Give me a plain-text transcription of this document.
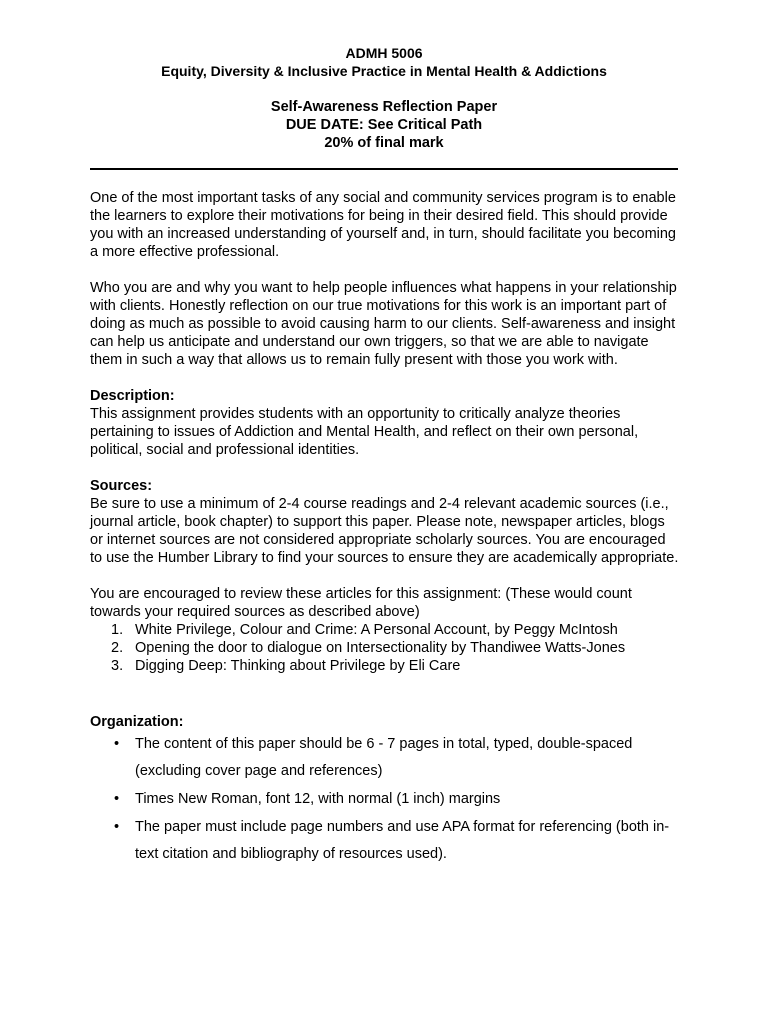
ADMH 5006
Equity, Diversity & Inclusive Practice in Mental Health & Addictions
Self-Awareness Reflection Paper
DUE DATE: See Critical Path
20% of final mark

One of the most important tasks of any social and community services program is to enable the learners to explore their motivations for being in their desired field. This should provide you with an increased understanding of yourself and, in turn, should facilitate you becoming a more effective professional.

Who you are and why you want to help people influences what happens in your relationship with clients. Honestly reflection on our true motivations for this work is an important part of doing as much as possible to avoid causing harm to our clients. Self-awareness and insight can help us anticipate and understand our own triggers, so that we are able to navigate them in such a way that allows us to remain fully present with those you work with.

Description:
This assignment provides students with an opportunity to critically analyze theories pertaining to issues of Addiction and Mental Health, and reflect on their own personal, political, social and professional identities.
Sources:
Be sure to use a minimum of 2-4 course readings and 2-4 relevant academic sources (i.e., journal article, book chapter) to support this paper. Please note, newspaper articles, blogs or internet sources are not considered appropriate scholarly sources. You are encouraged to use the Humber Library to find your sources to ensure they are academically appropriate.
You are encouraged to review these articles for this assignment: (These would count towards your required sources as described above)
1. White Privilege, Colour and Crime: A Personal Account, by Peggy McIntosh
2. Opening the door to dialogue on Intersectionality by Thandiwee Watts-Jones
3. Digging Deep: Thinking about Privilege by Eli Care
Organization:
• The content of this paper should be 6 - 7 pages in total, typed, double-spaced (excluding cover page and references)
• Times New Roman, font 12, with normal (1 inch) margins
• The paper must include page numbers and use APA format for referencing (both in-text citation and bibliography of resources used).
